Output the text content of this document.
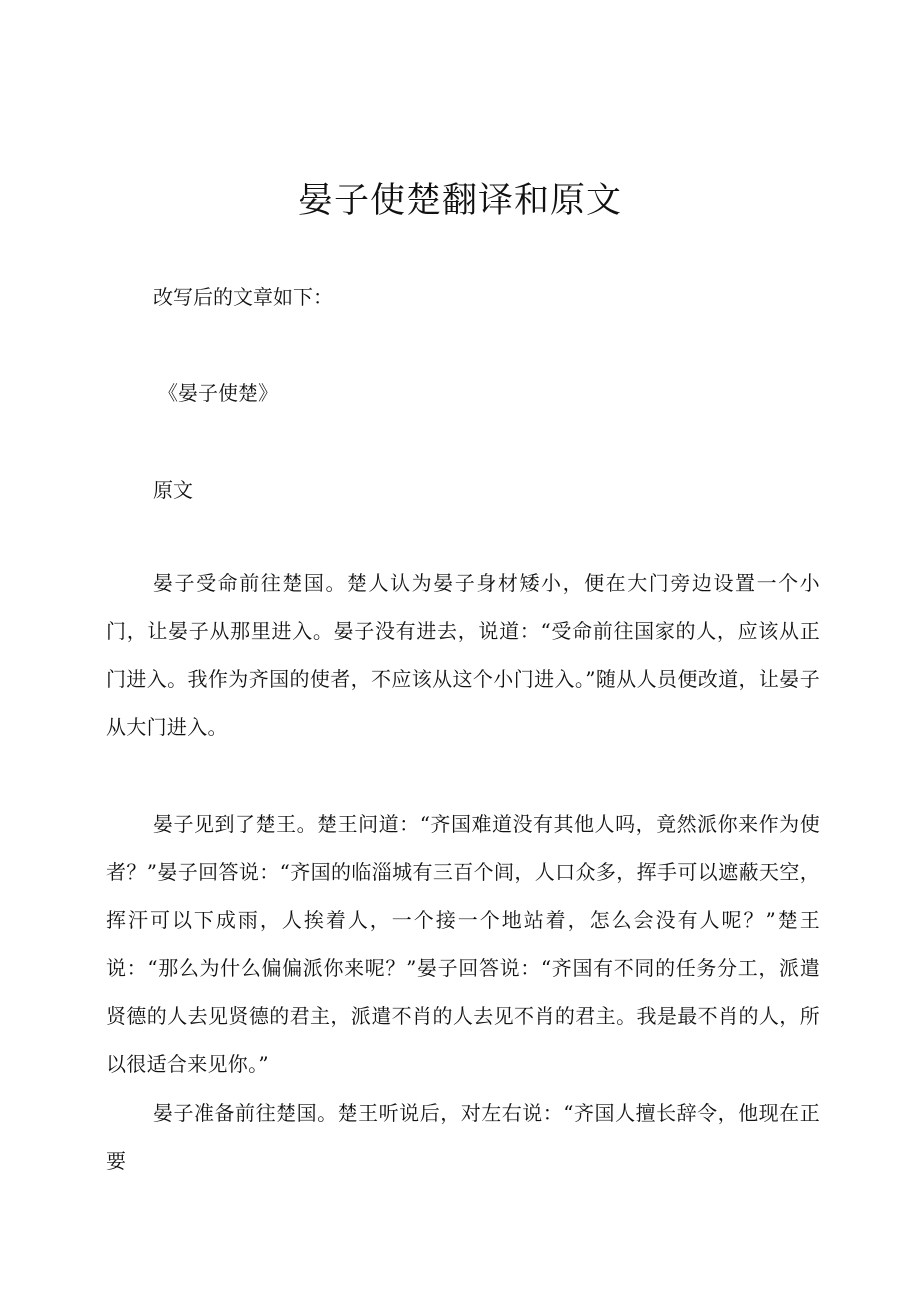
晏子使楚翻译和原文

改写后的文章如下：

《晏子使楚》

原文

晏子受命前往楚国。楚人认为晏子身材矮小，便在大门旁边设置一个小门，让晏子从那里进入。晏子没有进去，说道：“受命前往国家的人，应该从正门进入。我作为齐国的使者，不应该从这个小门进入。”随从人员便改道，让晏子从大门进入。

晏子见到了楚王。楚王问道：“齐国难道没有其他人吗，竟然派你来作为使者？”晏子回答说：“齐国的临淄城有三百个闾，人口众多，挥手可以遮蔽天空，挥汗可以下成雨，人挨着人，一个接一个地站着，怎么会没有人呢？”楚王说：“那么为什么偏偏派你来呢？”晏子回答说：“齐国有不同的任务分工，派遣贤德的人去见贤德的君主，派遣不肖的人去见不肖的君主。我是最不肖的人，所以很适合来见你。”

晏子准备前往楚国。楚王听说后，对左右说：“齐国人擅长辞令，他现在正要
